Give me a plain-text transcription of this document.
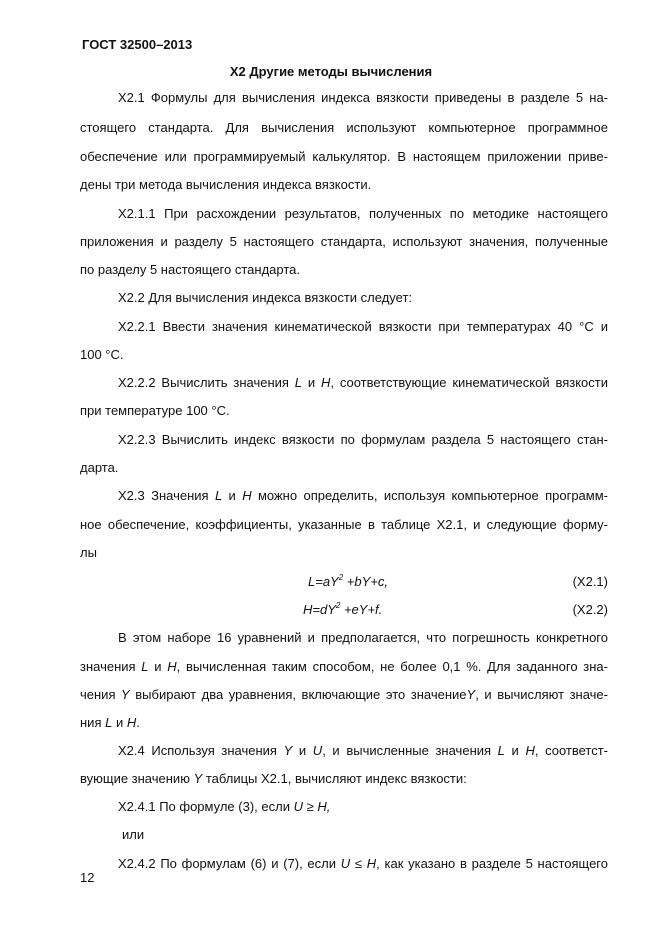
ГОСТ 32500–2013
Х2 Другие методы вычисления
Х2.1 Формулы для вычисления индекса вязкости приведены в разделе 5 на-
стоящего стандарта. Для вычисления используют компьютерное программное
обеспечение или программируемый калькулятор. В настоящем приложении приве-
дены три метода вычисления индекса вязкости.
Х2.1.1 При расхождении результатов, полученных по методике настоящего
приложения и разделу 5 настоящего стандарта, используют значения, полученные
по разделу 5 настоящего стандарта.
Х2.2 Для вычисления индекса вязкости следует:
Х2.2.1 Ввести значения кинематической вязкости при температурах 40 °С и
100 °С.
Х2.2.2 Вычислить значения L и H, соответствующие кинематической вязкости
при температуре 100 °С.
Х2.2.3 Вычислить индекс вязкости по формулам раздела 5 настоящего стан-
дарта.
Х2.3 Значения L и H можно определить, используя компьютерное программ-
ное обеспечение, коэффициенты, указанные в таблице Х2.1, и следующие форму-
лы
$L=aY^2 +bY+c$,	(Х2.1)
$H=dY^2 +eY+f$.	(Х2.2)
В этом наборе 16 уравнений и предполагается, что погрешность конкретного
значения L и H, вычисленная таким способом, не более 0,1 %. Для заданного зна-
чения Y выбирают два уравнения, включающие это значениеY, и вычисляют значе-
ния L и H.
Х2.4 Используя значения Y и U, и вычисленные значения L и H, соответст-
вующие значению Y таблицы Х2.1, вычисляют индекс вязкости:
Х2.4.1 По формуле (3), если U ≥ H,
или
Х2.4.2 По формулам (6) и (7), если U ≤ H, как указано в разделе 5 настоящего
12
